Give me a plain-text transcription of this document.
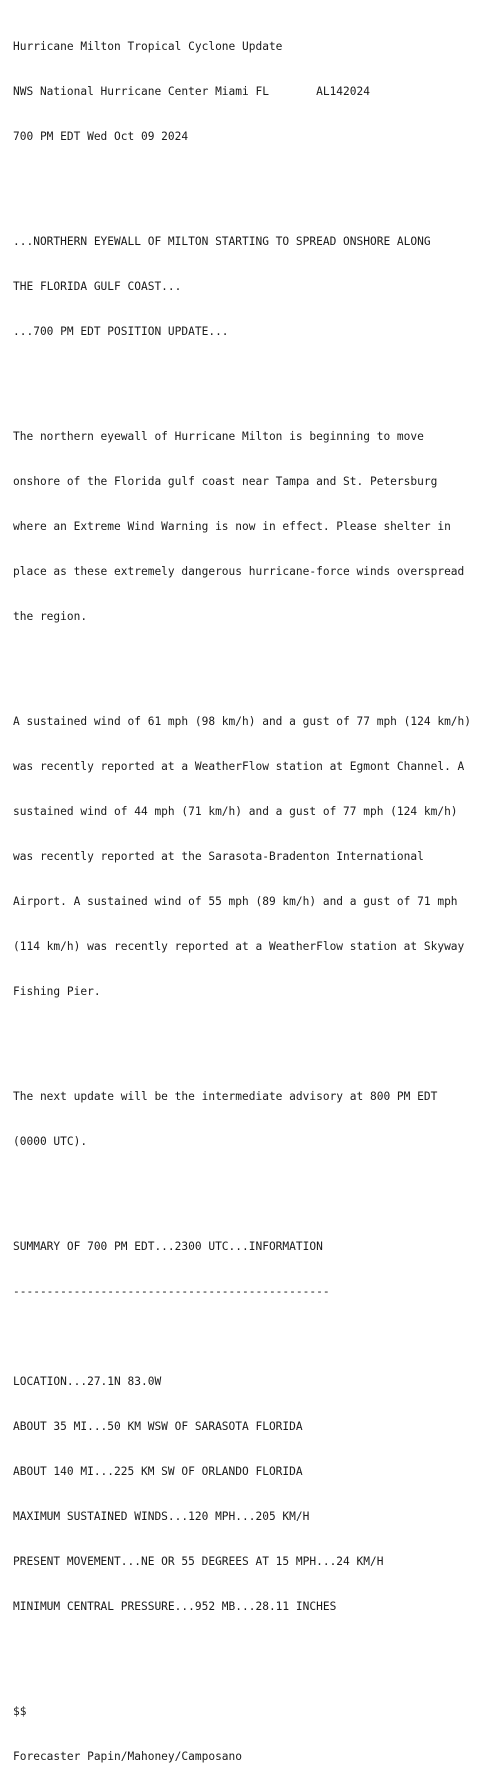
Hurricane Milton Tropical Cyclone Update

NWS National Hurricane Center Miami FL       AL142024

700 PM EDT Wed Oct 09 2024

...NORTHERN EYEWALL OF MILTON STARTING TO SPREAD ONSHORE ALONG

THE FLORIDA GULF COAST...

...700 PM EDT POSITION UPDATE...

The northern eyewall of Hurricane Milton is beginning to move

onshore of the Florida gulf coast near Tampa and St. Petersburg

where an Extreme Wind Warning is now in effect. Please shelter in

place as these extremely dangerous hurricane-force winds overspread

the region.

A sustained wind of 61 mph (98 km/h) and a gust of 77 mph (124 km/h)

was recently reported at a WeatherFlow station at Egmont Channel. A

sustained wind of 44 mph (71 km/h) and a gust of 77 mph (124 km/h)

was recently reported at the Sarasota-Bradenton International

Airport. A sustained wind of 55 mph (89 km/h) and a gust of 71 mph

(114 km/h) was recently reported at a WeatherFlow station at Skyway

Fishing Pier.

The next update will be the intermediate advisory at 800 PM EDT

(0000 UTC).

SUMMARY OF 700 PM EDT...2300 UTC...INFORMATION

-----------------------------------------------

LOCATION...27.1N 83.0W

ABOUT 35 MI...50 KM WSW OF SARASOTA FLORIDA

ABOUT 140 MI...225 KM SW OF ORLANDO FLORIDA

MAXIMUM SUSTAINED WINDS...120 MPH...205 KM/H

PRESENT MOVEMENT...NE OR 55 DEGREES AT 15 MPH...24 KM/H

MINIMUM CENTRAL PRESSURE...952 MB...28.11 INCHES

$$

Forecaster Papin/Mahoney/Camposano
